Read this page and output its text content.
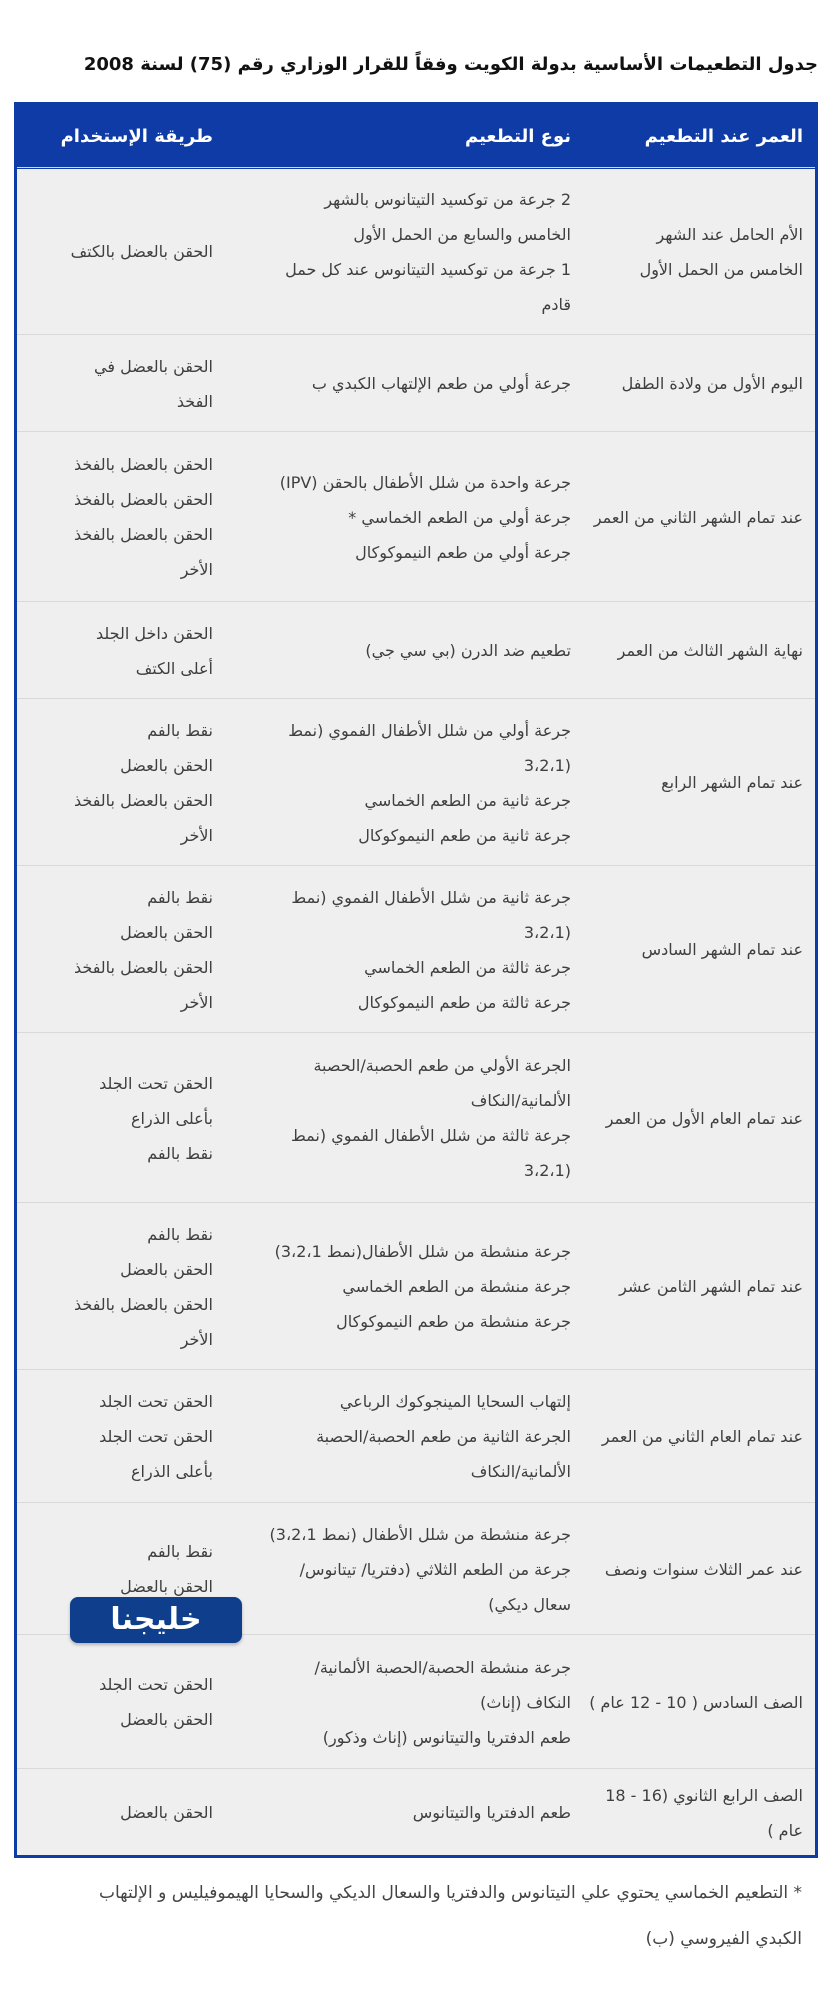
جدول التطعيمات الأساسية بدولة الكويت وفقاً للقرار الوزاري رقم (75) لسنة 2008
العمر عند التطعيم
نوع التطعيم
طريقة الإستخدام
الأم الحامل عند الشهر
الخامس من الحمل الأول
2 جرعة من توكسيد التيتانوس بالشهر
الخامس والسابع من الحمل الأول
1 جرعة من توكسيد التيتانوس عند كل حمل
قادم
الحقن بالعضل بالكتف
اليوم الأول من ولادة الطفل
جرعة أولي من طعم الإلتهاب الكبدي ب
الحقن بالعضل في
الفخذ
عند تمام الشهر الثاني من العمر
جرعة واحدة من شلل الأطفال بالحقن (IPV)
جرعة أولي من الطعم الخماسي *
جرعة أولي من طعم النيموكوكال
الحقن بالعضل بالفخذ
الحقن بالعضل بالفخذ
الحقن بالعضل بالفخذ
الأخر
نهاية الشهر الثالث من العمر
تطعيم ضد الدرن (بي سي جي)
الحقن داخل الجلد
أعلى الكتف
عند تمام الشهر الرابع
جرعة أولي من شلل الأطفال الفموي (نمط
(3،2،1
جرعة ثانية من الطعم الخماسي
جرعة ثانية من طعم النيموكوكال
نقط بالفم
الحقن بالعضل
الحقن بالعضل بالفخذ
الأخر
عند تمام الشهر السادس
جرعة ثانية من شلل الأطفال الفموي (نمط
(3،2،1
جرعة ثالثة من الطعم الخماسي
جرعة ثالثة من طعم النيموكوكال
نقط بالفم
الحقن بالعضل
الحقن بالعضل بالفخذ
الأخر
عند تمام العام الأول من العمر
الجرعة الأولي من طعم الحصبة/الحصبة
الألمانية/النكاف
جرعة ثالثة من شلل الأطفال الفموي (نمط
(3،2،1
الحقن تحت الجلد
بأعلى الذراع
نقط بالفم
عند تمام الشهر الثامن عشر
جرعة منشطة من شلل الأطفال(نمط 3،2،1)
جرعة منشطة من الطعم الخماسي
جرعة منشطة من طعم النيموكوكال
نقط بالفم
الحقن بالعضل
الحقن بالعضل بالفخذ
الأخر
عند تمام العام الثاني من العمر
إلتهاب السحايا المينجوكوك الرباعي
الجرعة الثانية من طعم الحصبة/الحصبة
الألمانية/النكاف
الحقن تحت الجلد
الحقن تحت الجلد
بأعلى الذراع
عند عمر الثلاث سنوات ونصف
جرعة منشطة من شلل الأطفال (نمط 3،2،1)
جرعة من الطعم الثلاثي (دفتريا/ تيتانوس/
سعال ديكي)
نقط بالفم
الحقن بالعضل
الصف السادس ( 10 - 12 عام )
جرعة منشطة الحصبة/الحصبة الألمانية/
النكاف (إناث)
طعم الدفتريا والتيتانوس (إناث وذكور)
الحقن تحت الجلد
الحقن بالعضل
الصف الرابع الثانوي (16 - 18
عام )
طعم الدفتريا والتيتانوس
الحقن بالعضل
خليجنا
* التطعيم الخماسي يحتوي علي التيتانوس والدفتريا والسعال الديكي والسحايا الهيموفيليس و الإلتهاب
الكبدي الفيروسي (ب)
